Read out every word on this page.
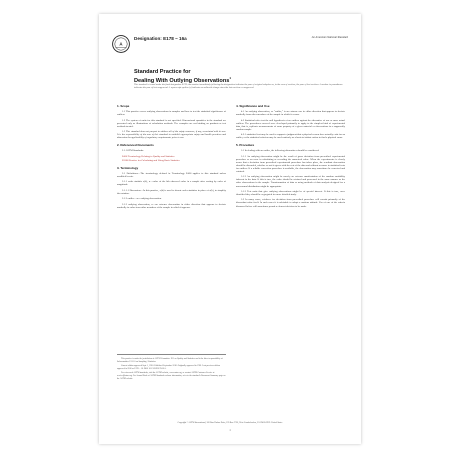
A
Designation: E178 − 16a	An American National Standard
Standard Practice for
Dealing With Outlying Observations$^1$
This standard is issued under the fixed designation E178; the number immediately following the designation indicates the year of original adoption or, in the case of revision, the year of last revision. A number in parentheses indicates the year of last reapproval. A superscript epsilon (ε) indicates an editorial change since the last revision or reapproval.
1. Scope

1.1 This practice covers outlying observations in samples and how to test the statistical significance of outliers.

1.2 The system of units for this standard is not specified. Dimensional quantities in the standard are presented only as illustrations of calculation methods. The examples are not binding on products or test methods treated.

1.3 This standard does not purport to address all of the safety concerns, if any, associated with its use. It is the responsibility of the user of this standard to establish appropriate safety and health practices and determine the applicability of regulatory requirements prior to use.

2. Referenced Documents

2.1 ASTM Standards:

E456 Terminology Relating to Quality and Statistics
E2586 Practice for Calculating and Using Basic Statistics
3. Terminology

3.1 Definitions—The terminology defined in Terminology E456 applies to this standard unless modified herein.

3.1.1 order statistic x(k), n—value of the kth observed value in a sample after sorting by order of magnitude.

3.1.1.1 Discussion—In this practice, x(k) is used to denote order statistics in place of x(k), to simplify the notation.

3.1.2 outlier—see outlying observation.

3.1.3 outlying observation, n—an extreme observation in either direction that appears to deviate markedly in value from other members of the sample in which it appears.

This practice is under the jurisdiction of ASTM Committee E11 on Quality and Statistics and is the direct responsibility of Subcommittee E11.10 on Sampling / Statistics.

Current edition approved Sept. 1, 2016. Published September 2016. Originally approved in 1961. Last previous edition approved in 2016 as E178 – 16. DOI: 10.1520/E0178-16A.

For referenced ASTM standards, visit the ASTM website, www.astm.org, or contact ASTM Customer Service at service@astm.org. For Annual Book of ASTM Standards volume information, refer to the standard's Document Summary page on the ASTM website.

4. Significance and Use

4.1 An outlying observation, or “outlier,” is an extreme one in either direction that appears to deviate markedly from other members of the sample in which it occurs.

4.2 Statistical rules test the null hypothesis of no outliers against the alternative of one or more actual outliers. The procedures covered were developed primarily to apply to the simplest kind of experimental data, that is, replicate measurements of some property of a given material or observations in a supposedly random sample.

4.3 A statistical test may be used to support a judgment that a physical reason does actually exist for an outlier, or the statistical criterion may be used routinely as a basis to initiate action to find a physical cause.

5. Procedure

5.1 In dealing with an outlier, the following alternatives should be considered:

5.1.1 An outlying observation might be the result of gross deviation from prescribed experimental procedure or an error in calculating or recording the numerical value. When the experimenter is clearly aware that a deviation from prescribed experimental procedure has taken place, the resultant observation should be discarded, whether or not it agrees with the rest of the data and without recourse to statistical tests for outliers. If a reliable correction procedure is available, the observation may sometimes be corrected and retained.

5.1.2 An outlying observation might be merely an extreme manifestation of the random variability inherent in the data. If this is true, the value should be retained and processed in the same manner as the other observations in the sample. Transformation of data or using methods of data analysis designed for a non-normal distribution might be appropriate.

5.1.3 Test units that give outlying observations might be of special interest. If this is true, once identified they should be segregated for more detailed study.

5.2 In many cases, evidence for deviation from prescribed procedure will consist primarily of the discordant value itself. In such cases it is advisable to adopt a cautious attitude. Use of one of the criteria discussed below will sometimes permit a clearcut decision to be made.

Copyright © ASTM International, 100 Barr Harbor Drive, PO Box C700, West Conshohocken, PA 19428-2959. United States
1
